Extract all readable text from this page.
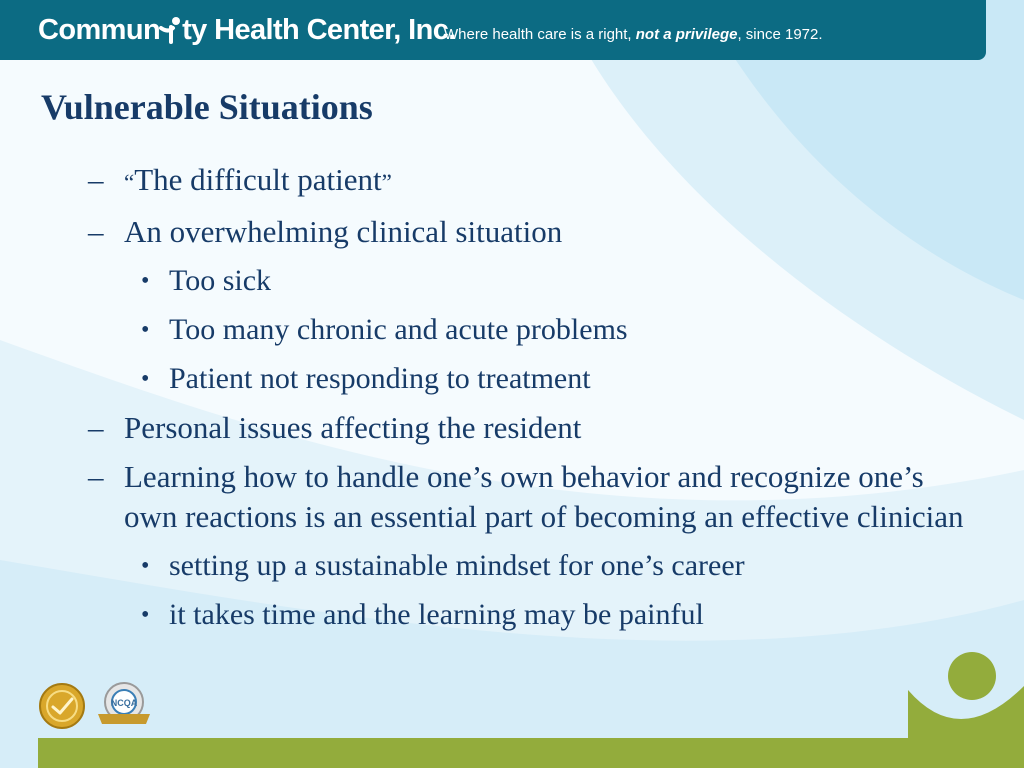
Commun ty Health Center, Inc.
Where health care is a right, not a privilege, since 1972.
Vulnerable Situations
– “The difficult patient”
– An overwhelming clinical situation
• Too sick
• Too many chronic and acute problems
• Patient not responding to treatment
– Personal issues affecting the resident
– Learning how to handle one’s own behavior and recognize one’s own reactions is an essential part of becoming an effective clinician
• setting up a sustainable mindset for one’s career
• it takes time and the learning may be painful
NCQA
